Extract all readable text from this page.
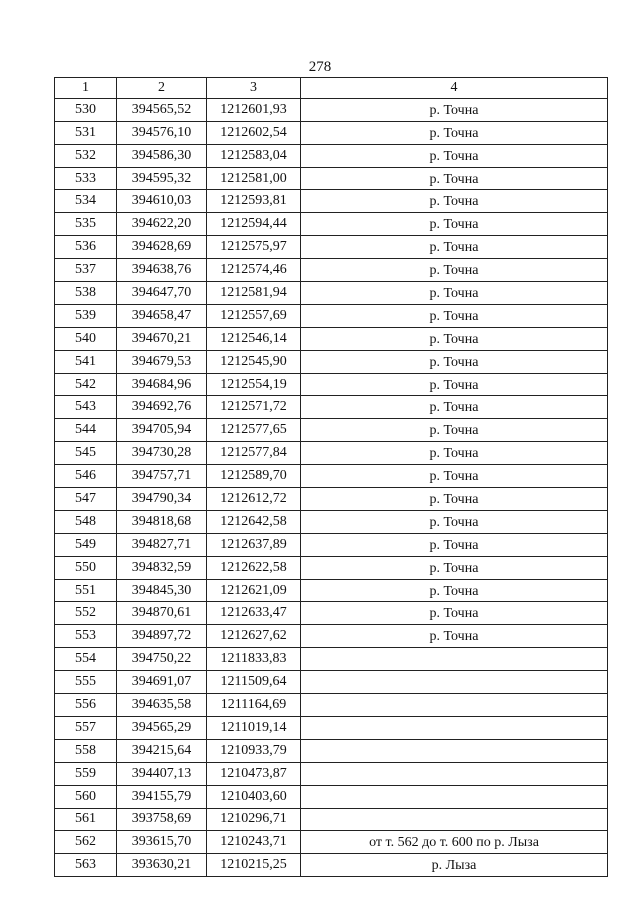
278
1	2	3	4
530	394565,52	1212601,93	р. Точна
531	394576,10	1212602,54	р. Точна
532	394586,30	1212583,04	р. Точна
533	394595,32	1212581,00	р. Точна
534	394610,03	1212593,81	р. Точна
535	394622,20	1212594,44	р. Точна
536	394628,69	1212575,97	р. Точна
537	394638,76	1212574,46	р. Точна
538	394647,70	1212581,94	р. Точна
539	394658,47	1212557,69	р. Точна
540	394670,21	1212546,14	р. Точна
541	394679,53	1212545,90	р. Точна
542	394684,96	1212554,19	р. Точна
543	394692,76	1212571,72	р. Точна
544	394705,94	1212577,65	р. Точна
545	394730,28	1212577,84	р. Точна
546	394757,71	1212589,70	р. Точна
547	394790,34	1212612,72	р. Точна
548	394818,68	1212642,58	р. Точна
549	394827,71	1212637,89	р. Точна
550	394832,59	1212622,58	р. Точна
551	394845,30	1212621,09	р. Точна
552	394870,61	1212633,47	р. Точна
553	394897,72	1212627,62	р. Точна
554	394750,22	1211833,83	
555	394691,07	1211509,64	
556	394635,58	1211164,69	
557	394565,29	1211019,14	
558	394215,64	1210933,79	
559	394407,13	1210473,87	
560	394155,79	1210403,60	
561	393758,69	1210296,71	
562	393615,70	1210243,71	от т. 562 до т. 600 по р. Лыза
563	393630,21	1210215,25	р. Лыза
